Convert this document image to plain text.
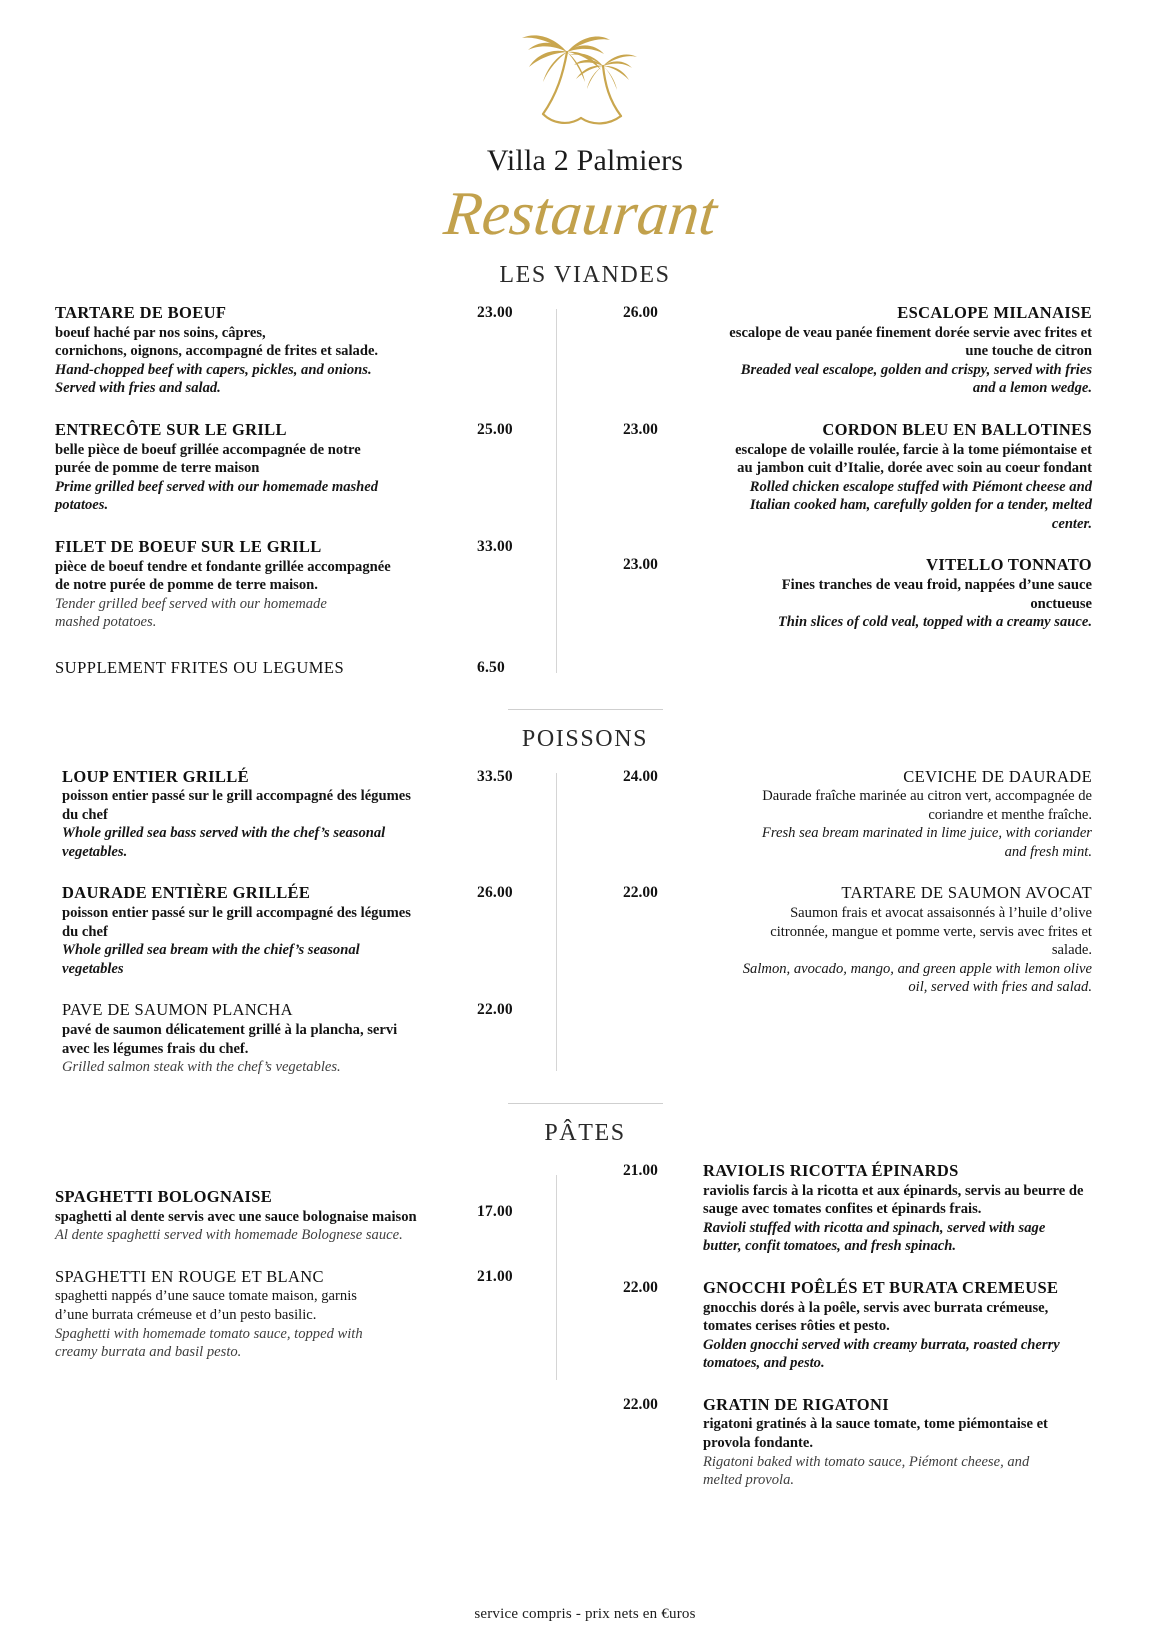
Villa 2 Palmiers
Restaurant
LES VIANDES
TARTARE DE BOEUF
boeuf haché par nos soins, câpres,
cornichons, oignons, accompagné de frites et salade.
Hand-chopped beef with capers, pickles, and onions.
Served with fries and salad.
23.00
ENTRECÔTE SUR LE GRILL
belle pièce de boeuf grillée accompagnée de notre
purée de pomme de terre maison
Prime grilled beef served with our homemade mashed
potatoes.
25.00
FILET DE BOEUF SUR LE GRILL
pièce de boeuf tendre et fondante grillée accompagnée
de notre purée de pomme de terre maison.
Tender grilled beef served with our homemade
mashed potatoes.
33.00
SUPPLEMENT FRITES OU LEGUMES	6.50
26.00	ESCALOPE MILANAISE
escalope de veau panée finement dorée servie avec frites et
une touche de citron
Breaded veal escalope, golden and crispy, served with fries
and a lemon wedge.
23.00	CORDON BLEU EN BALLOTINES
escalope de volaille roulée, farcie à la tome piémontaise et
au jambon cuit d’Italie, dorée avec soin au coeur fondant
Rolled chicken escalope stuffed with Piémont cheese and
Italian cooked ham, carefully golden for a tender, melted
center.
23.00	VITELLO TONNATO
Fines tranches de veau froid, nappées d’une sauce
onctueuse
Thin slices of cold veal, topped with a creamy sauce.
POISSONS
LOUP ENTIER GRILLÉ
poisson entier passé sur le grill accompagné des légumes
du chef
Whole grilled sea bass served with the chef’s seasonal
vegetables.
33.50
DAURADE ENTIÈRE GRILLÉE
poisson entier passé sur le grill accompagné des légumes
du chef
Whole grilled sea bream with the chief’s seasonal
vegetables
26.00
PAVE DE SAUMON PLANCHA
pavé de saumon délicatement grillé à la plancha, servi
avec les légumes frais du chef.
Grilled salmon steak with the chef’s vegetables.
22.00
24.00	CEVICHE DE DAURADE
Daurade fraîche marinée au citron vert, accompagnée de
coriandre et menthe fraîche.
Fresh sea bream marinated in lime juice, with coriander
and fresh mint.
22.00	TARTARE DE SAUMON AVOCAT
Saumon frais et avocat assaisonnés à l’huile d’olive
citronnée, mangue et pomme verte, servis avec frites et
salade.
Salmon, avocado, mango, and green apple with lemon olive
oil, served with fries and salad.
PÂTES
SPAGHETTI BOLOGNAISE
spaghetti al dente servis avec une sauce bolognaise maison
Al dente spaghetti served with homemade Bolognese sauce.
17.00
SPAGHETTI EN ROUGE ET BLANC
spaghetti nappés d’une sauce tomate maison, garnis
d’une burrata crémeuse et d’un pesto basilic.
Spaghetti with homemade tomato sauce, topped with
creamy burrata and basil pesto.
21.00
21.00	RAVIOLIS RICOTTA ÉPINARDS
raviolis farcis à la ricotta et aux épinards, servis au beurre de
sauge avec tomates confites et épinards frais.
Ravioli stuffed with ricotta and spinach, served with sage
butter, confit tomatoes, and fresh spinach.
22.00	GNOCCHI POÊLÉS ET BURATA CREMEUSE
gnocchis dorés à la poêle, servis avec burrata crémeuse,
tomates cerises rôties et pesto.
Golden gnocchi served with creamy burrata, roasted cherry
tomatoes, and pesto.
22.00	GRATIN DE RIGATONI
rigatoni gratinés à la sauce tomate, tome piémontaise et
provola fondante.
Rigatoni baked with tomato sauce, Piémont cheese, and
melted provola.
service compris - prix nets en €uros
